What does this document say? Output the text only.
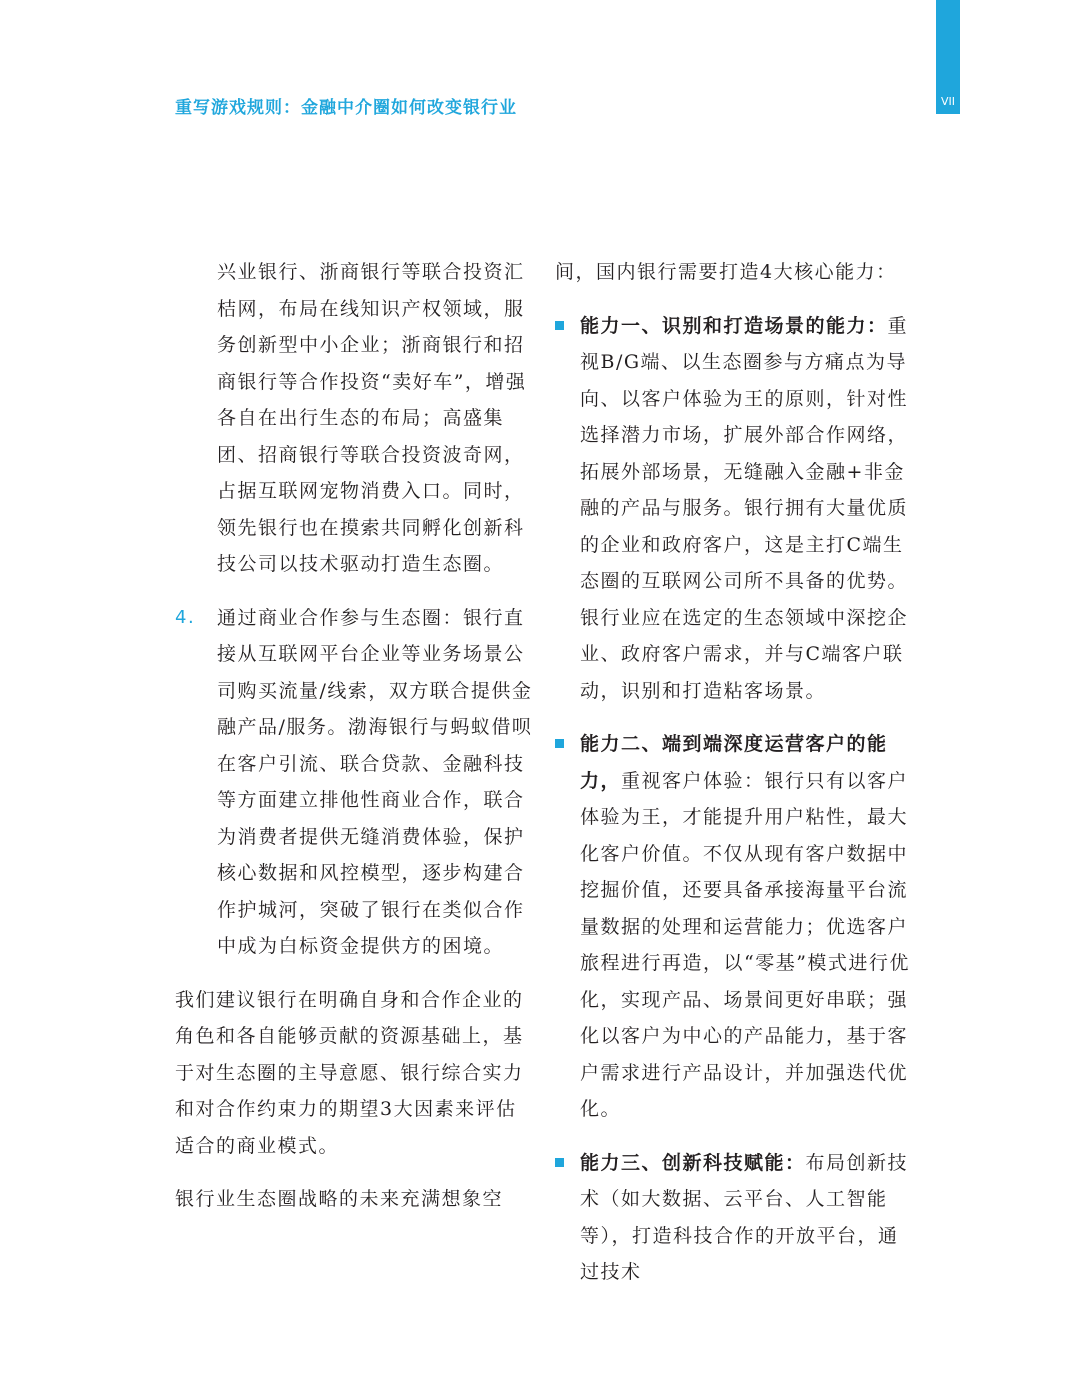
VII
重写游戏规则：金融中介圈如何改变银行业

兴业银行、浙商银行等联合投资汇桔网，布局在线知识产权领域，服务创新型中小企业；浙商银行和招商银行等合作投资“卖好车”，增强各自在出行生态的布局；高盛集团、招商银行等联合投资波奇网，占据互联网宠物消费入口。同时，领先银行也在摸索共同孵化创新科技公司以技术驱动打造生态圈。

4. 通过商业合作参与生态圈：银行直接从互联网平台企业等业务场景公司购买流量/线索，双方联合提供金融产品/服务。渤海银行与蚂蚁借呗在客户引流、联合贷款、金融科技等方面建立排他性商业合作，联合为消费者提供无缝消费体验，保护核心数据和风控模型，逐步构建合作护城河，突破了银行在类似合作中成为白标资金提供方的困境。

我们建议银行在明确自身和合作企业的角色和各自能够贡献的资源基础上，基于对生态圈的主导意愿、银行综合实力和对合作约束力的期望3大因素来评估适合的商业模式。

银行业生态圈战略的未来充满想象空

间，国内银行需要打造4大核心能力：

能力一、识别和打造场景的能力：重视B/G端、以生态圈参与方痛点为导向、以客户体验为王的原则，针对性选择潜力市场，扩展外部合作网络，拓展外部场景，无缝融入金融+非金融的产品与服务。银行拥有大量优质的企业和政府客户，这是主打C端生态圈的互联网公司所不具备的优势。银行业应在选定的生态领域中深挖企业、政府客户需求，并与C端客户联动，识别和打造粘客场景。

能力二、端到端深度运营客户的能力，重视客户体验：银行只有以客户体验为王，才能提升用户粘性，最大化客户价值。不仅从现有客户数据中挖掘价值，还要具备承接海量平台流量数据的处理和运营能力；优选客户旅程进行再造，以“零基”模式进行优化，实现产品、场景间更好串联；强化以客户为中心的产品能力，基于客户需求进行产品设计，并加强迭代优化。

能力三、创新科技赋能：布局创新技术（如大数据、云平台、人工智能等），打造科技合作的开放平台，通过技术
